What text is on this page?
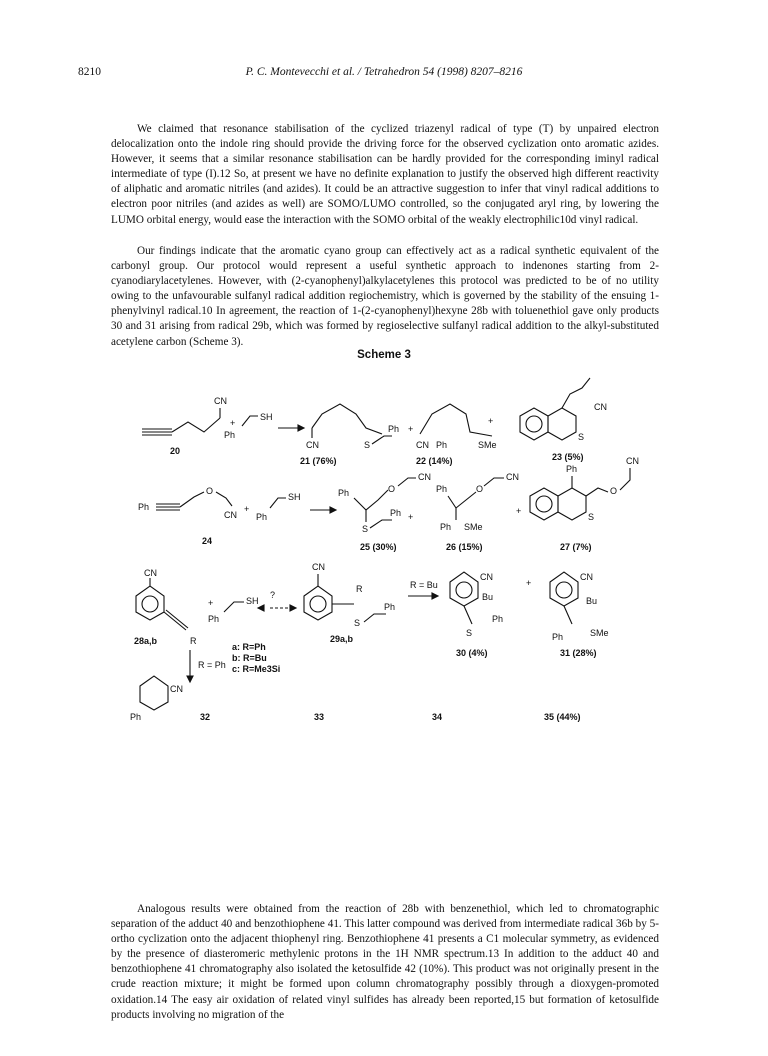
8210	P. C. Montevecchi et al. / Tetrahedron 54 (1998) 8207–8216
We claimed that resonance stabilisation of the cyclized triazenyl radical of type (T) by unpaired electron delocalization onto the indole ring should provide the driving force for the observed cyclization onto aromatic azides. However, it seems that a similar resonance stabilisation can be hardly provided for the corresponding iminyl radical intermediate of type (I).12 So, at present we have no definite explanation to justify the observed high different reactivity of aliphatic and aromatic nitriles (and azides). It could be an attractive suggestion to infer that vinyl radical additions to electron poor nitriles (and azides as well) are SOMO/LUMO controlled, so the conjugated aryl ring, by lowering the LUMO orbital energy, would ease the interaction with the SOMO orbital of the weakly electrophilic10d vinyl radical.
Our findings indicate that the aromatic cyano group can effectively act as a radical synthetic equivalent of the carbonyl group. Our protocol would represent a useful synthetic approach to indenones starting from 2-cyanodiarylacetylenes. However, with (2-cyanophenyl)alkylacetylenes this protocol was predicted to be of no utility owing to the unfavourable sulfanyl radical addition regiochemistry, which is governed by the stability of the ensuing 1-phenylvinyl radical.10 In agreement, the reaction of 1-(2-cyanophenyl)hexyne 28b with toluenethiol gave only products 30 and 31 arising from radical 29b, which was formed by regioselective sulfanyl radical addition to the alkyl-substituted acetylene carbon (Scheme 3).
Scheme 3
CN
+
Ph
SH
20
CN	S
Ph +
CN Ph	SMe
21 (76%)	22 (14%)
+
CN
S
23 (5%)
Ph
O
CN
+
Ph
SH
24
Ph	O
CN
S
Ph +
25 (30%)
Ph	O
CN
Ph SMe
26 (15%)
+
Ph
O
CN
S
27 (7%)
CN
R
28a,b
+
Ph
SH
?
CN
R
S
Ph
29a,b
R = Bu
CN
Bu
S
Ph
30 (4%)
+
CN
Bu
Ph	SMe
31 (28%)
R = Ph
a: R=Ph
b: R=Bu
c: R=Me3Si
CN
Ph	32	33	34	35 (44%)
Analogous results were obtained from the reaction of 28b with benzenethiol, which led to chromatographic separation of the adduct 40 and benzothiophene 41. This latter compound was derived from intermediate radical 36b by 5-ortho cyclization onto the adjacent thiophenyl ring. Benzothiophene 41 presents a C1 molecular symmetry, as evidenced by the presence of diasteromeric methylenic protons in the 1H NMR spectrum.13 In addition to the adduct 40 and benzothiophene 41 chromatography also isolated the ketosulfide 42 (10%). This product was not originally present in the crude reaction mixture; it might be formed upon column chromatography possibly through a dioxygen-promoted oxidation.14 The easy air oxidation of related vinyl sulfides has already been reported,15 but formation of ketosulfide products involving no migration of the
